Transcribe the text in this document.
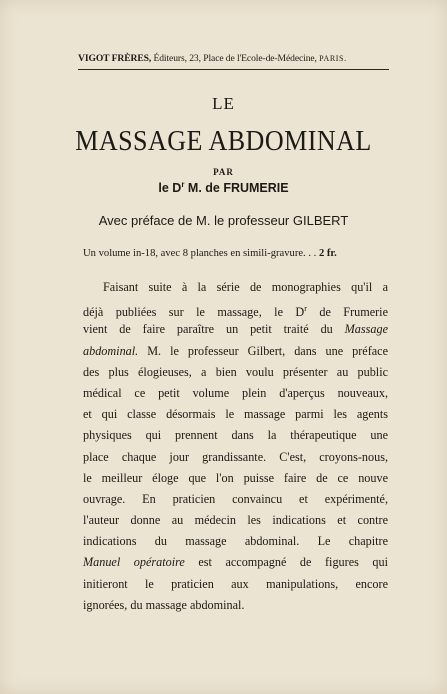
VIGOT FRÈRES, Éditeurs, 23, Place de l'Ecole-de-Médecine, PARIS.
LE
MASSAGE ABDOMINAL
PAR
le $D^r$ M. de FRUMERIE
Avec préface de M. le professeur GILBERT
Un volume in-18, avec 8 planches en simili-gravure. . . 2 fr.
Faisant suite à la série de monographies qu'il a
déjà publiées sur le massage, le $D^r$ de Frumerie
vient de faire paraître un petit traité du Massage
abdominal. M. le professeur Gilbert, dans une préface
des plus élogieuses, a bien voulu présenter au public
médical ce petit volume plein d'aperçus nouveaux,
et qui classe désormais le massage parmi les agents
physiques qui prennent dans la thérapeutique une
place chaque jour grandissante. C'est, croyons-nous,
le meilleur éloge que l'on puisse faire de ce nouve
ouvrage. En praticien convaincu et expérimenté,
l'auteur donne au médecin les indications et contre
indications du massage abdominal. Le chapitre
Manuel opératoire est accompagné de figures qui
initieront le praticien aux manipulations, encore
ignorées, du massage abdominal.
